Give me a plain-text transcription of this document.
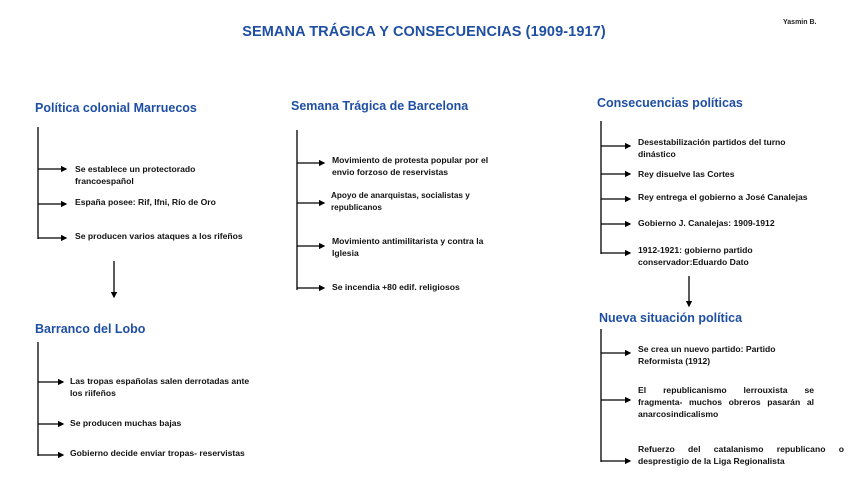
SEMANA TRÁGICA Y CONSECUENCIAS (1909-1917)
Yasmin B.
Política colonial Marruecos
Se establece un protectorado francoespañol
España posee: Rif, Ifni, Río de Oro
Se producen varios ataques a los rifeños
Barranco del Lobo
Las tropas españolas salen derrotadas ante los riifeños
Se producen muchas bajas
Gobierno decide enviar tropas- reservistas
Semana Trágica de Barcelona
Movimiento de protesta popular por el envio forzoso de reservistas
Apoyo de anarquistas, socialistas y republicanos
Movimiento antimilitarista y contra la Iglesia
Se incendia +80 edif. religiosos
Consecuencias políticas
Desestabilización partidos del turno dinástico
Rey disuelve las Cortes
Rey entrega el gobierno a José Canalejas
Gobierno J. Canalejas: 1909-1912
1912-1921: gobierno partido  conservador:Eduardo Dato
Nueva situación política
Se crea un nuevo partido: Partido Reformista (1912)
El republicanismo lerrouxista se fragmenta- muchos obreros pasarán al anarcosindicalismo
Refuerzo del catalanismo republicano o desprestigio de la Liga Regionalista
